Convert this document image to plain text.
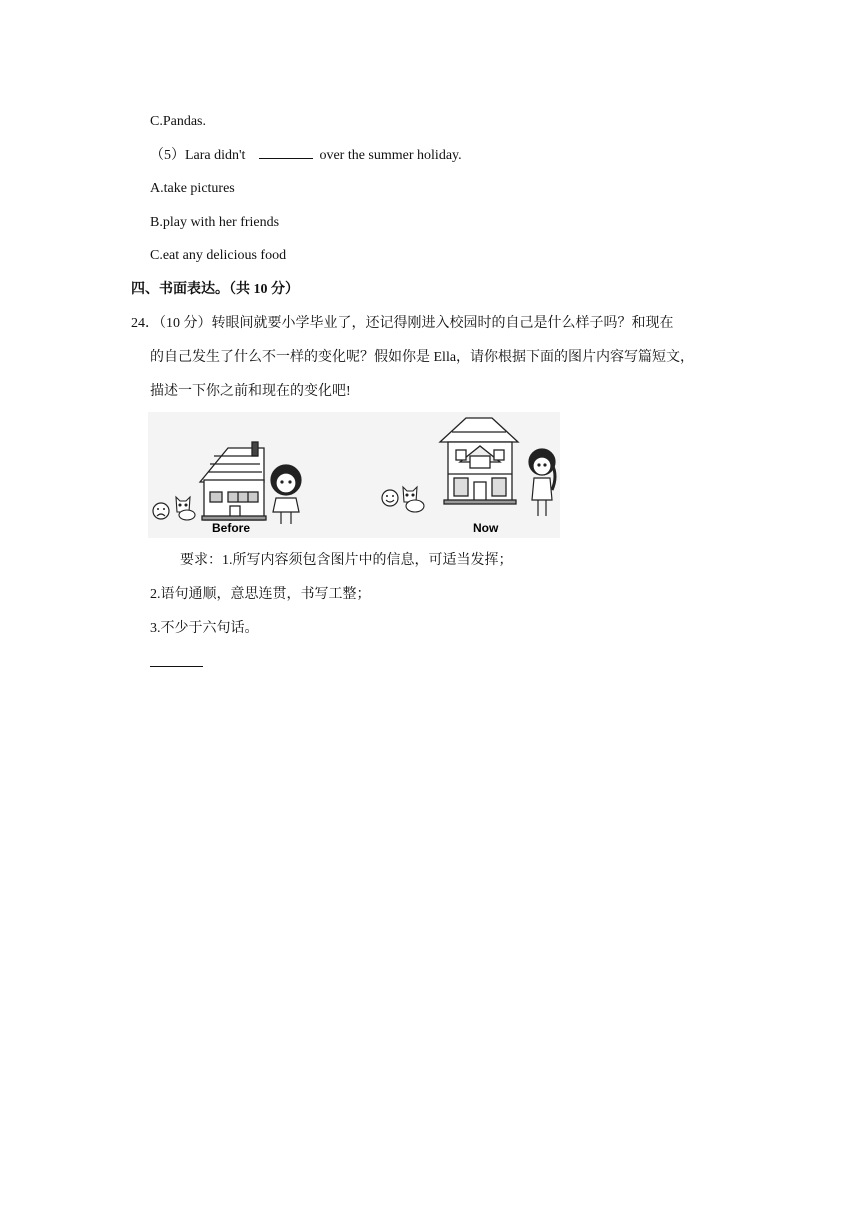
C.Pandas.
（5）Lara didn't	over the summer holiday.
A.take pictures
B.play with her friends
C.eat any delicious food
四、书面表达。（共 10 分）
24．（10 分）转眼间就要小学毕业了，还记得刚进入校园时的自己是什么样子吗？和现在
的自己发生了什么不一样的变化呢？假如你是 Ella，请你根据下面的图片内容写篇短文，
描述一下你之前和现在的变化吧!
Before	Now
要求：1.所写内容须包含图片中的信息，可适当发挥；
2.语句通顺，意思连贯，书写工整；
3.不少于六句话。
